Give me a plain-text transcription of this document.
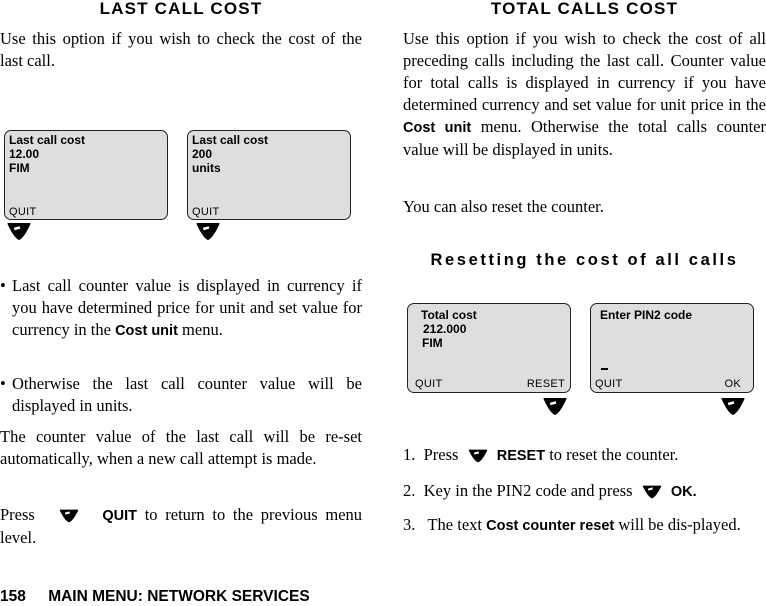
LAST CALL COST
Use this option if you wish to check the cost of the last call.
Last call cost
12.00
FIM
QUIT
Last call cost
200
units
QUIT
• Last call counter value is displayed in currency if you have determined price for unit and set value for currency in the Cost unit menu.
• Otherwise the last call counter value will be displayed in units.
The counter value of the last call will be re-set automatically, when a new call attempt is made.
Press	QUIT to return to the previous menu level.
TOTAL CALLS COST
Use this option if you wish to check the cost of all preceding calls including the last call. Counter value for total calls is displayed in currency if you have determined currency and set value for unit price in the Cost unit menu. Otherwise the total calls counter value will be displayed in units.
You can also reset the counter.
Resetting the cost of all calls
Total cost
212.000
FIM
QUIT	RESET
Enter PIN2 code
QUIT	OK
1. Press	RESET to reset the counter.
2. Key in the PIN2 code and press	OK.
3. The text Cost counter reset will be dis-played.
158 MAIN MENU: NETWORK SERVICES
